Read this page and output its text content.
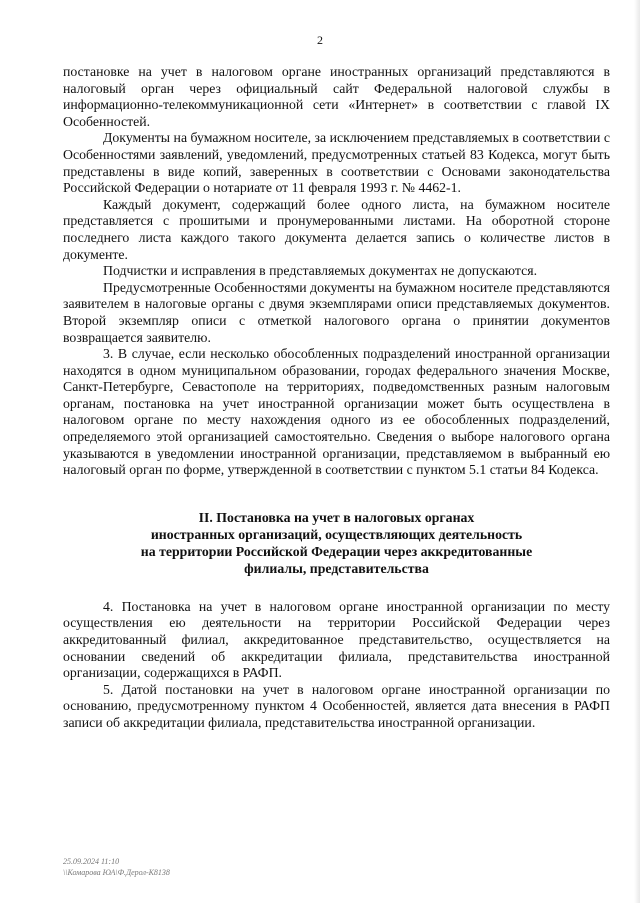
2

постановке на учет в налоговом органе иностранных организаций представляются в налоговый орган через официальный сайт Федеральной налоговой службы в информационно-телекоммуникационной сети «Интернет» в соответствии с главой IX Особенностей.

Документы на бумажном носителе, за исключением представляемых в соответствии с Особенностями заявлений, уведомлений, предусмотренных статьей 83 Кодекса, могут быть представлены в виде копий, заверенных в соответствии с Основами законодательства Российской Федерации о нотариате от 11 февраля 1993 г. № 4462-1.

Каждый документ, содержащий более одного листа, на бумажном носителе представляется с прошитыми и пронумерованными листами. На оборотной стороне последнего листа каждого такого документа делается запись о количестве листов в документе.

Подчистки и исправления в представляемых документах не допускаются.

Предусмотренные Особенностями документы на бумажном носителе представляются заявителем в налоговые органы с двумя экземплярами описи представляемых документов. Второй экземпляр описи с отметкой налогового органа о принятии документов возвращается заявителю.

3. В случае, если несколько обособленных подразделений иностранной организации находятся в одном муниципальном образовании, городах федерального значения Москве, Санкт-Петербурге, Севастополе на территориях, подведомственных разным налоговым органам, постановка на учет иностранной организации может быть осуществлена в налоговом органе по месту нахождения одного из ее обособленных подразделений, определяемого этой организацией самостоятельно. Сведения о выборе налогового органа указываются в уведомлении иностранной организации, представляемом в выбранный ею налоговый орган по форме, утвержденной в соответствии с пунктом 5.1 статьи 84 Кодекса.

II. Постановка на учет в налоговых органах
иностранных организаций, осуществляющих деятельность
на территории Российской Федерации через аккредитованные
филиалы, представительства

4. Постановка на учет в налоговом органе иностранной организации по месту осуществления ею деятельности на территории Российской Федерации через аккредитованный филиал, аккредитованное представительство, осуществляется на основании сведений об аккредитации филиала, представительства иностранной организации, содержащихся в РАФП.

5. Датой постановки на учет в налоговом органе иностранной организации по основанию, предусмотренному пунктом 4 Особенностей, является дата внесения в РАФП записи об аккредитации филиала, представительства иностранной организации.

25.09.2024 11:10
\\Комарова ЮА\Ф.Дерол-К8138
